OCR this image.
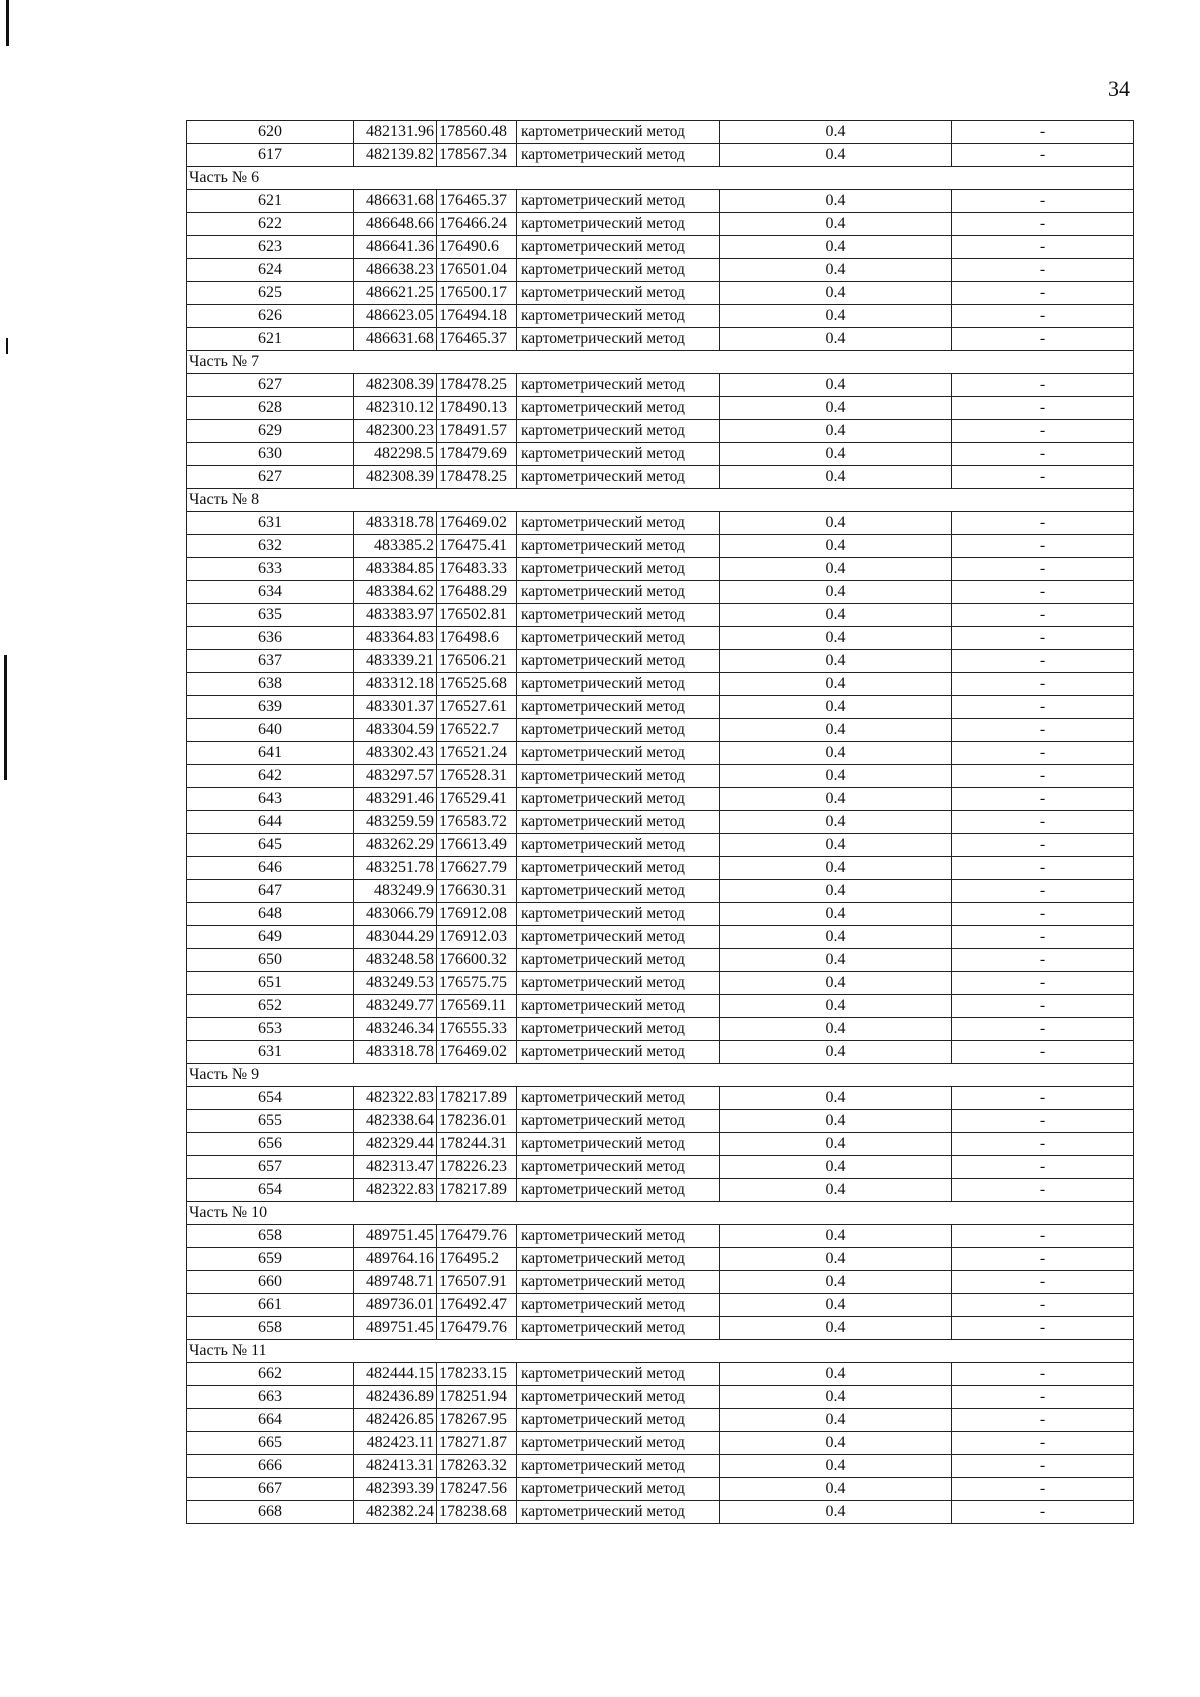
34
620	482131.96	178560.48	картометрический метод	0.4	-
617	482139.82	178567.34	картометрический метод	0.4	-
Часть № 6					
621	486631.68	176465.37	картометрический метод	0.4	-
622	486648.66	176466.24	картометрический метод	0.4	-
623	486641.36	176490.6	картометрический метод	0.4	-
624	486638.23	176501.04	картометрический метод	0.4	-
625	486621.25	176500.17	картометрический метод	0.4	-
626	486623.05	176494.18	картометрический метод	0.4	-
621	486631.68	176465.37	картометрический метод	0.4	-
Часть № 7					
627	482308.39	178478.25	картометрический метод	0.4	-
628	482310.12	178490.13	картометрический метод	0.4	-
629	482300.23	178491.57	картометрический метод	0.4	-
630	482298.5	178479.69	картометрический метод	0.4	-
627	482308.39	178478.25	картометрический метод	0.4	-
Часть № 8					
631	483318.78	176469.02	картометрический метод	0.4	-
632	483385.2	176475.41	картометрический метод	0.4	-
633	483384.85	176483.33	картометрический метод	0.4	-
634	483384.62	176488.29	картометрический метод	0.4	-
635	483383.97	176502.81	картометрический метод	0.4	-
636	483364.83	176498.6	картометрический метод	0.4	-
637	483339.21	176506.21	картометрический метод	0.4	-
638	483312.18	176525.68	картометрический метод	0.4	-
639	483301.37	176527.61	картометрический метод	0.4	-
640	483304.59	176522.7	картометрический метод	0.4	-
641	483302.43	176521.24	картометрический метод	0.4	-
642	483297.57	176528.31	картометрический метод	0.4	-
643	483291.46	176529.41	картометрический метод	0.4	-
644	483259.59	176583.72	картометрический метод	0.4	-
645	483262.29	176613.49	картометрический метод	0.4	-
646	483251.78	176627.79	картометрический метод	0.4	-
647	483249.9	176630.31	картометрический метод	0.4	-
648	483066.79	176912.08	картометрический метод	0.4	-
649	483044.29	176912.03	картометрический метод	0.4	-
650	483248.58	176600.32	картометрический метод	0.4	-
651	483249.53	176575.75	картометрический метод	0.4	-
652	483249.77	176569.11	картометрический метод	0.4	-
653	483246.34	176555.33	картометрический метод	0.4	-
631	483318.78	176469.02	картометрический метод	0.4	-
Часть № 9					
654	482322.83	178217.89	картометрический метод	0.4	-
655	482338.64	178236.01	картометрический метод	0.4	-
656	482329.44	178244.31	картометрический метод	0.4	-
657	482313.47	178226.23	картометрический метод	0.4	-
654	482322.83	178217.89	картометрический метод	0.4	-
Часть № 10					
658	489751.45	176479.76	картометрический метод	0.4	-
659	489764.16	176495.2	картометрический метод	0.4	-
660	489748.71	176507.91	картометрический метод	0.4	-
661	489736.01	176492.47	картометрический метод	0.4	-
658	489751.45	176479.76	картометрический метод	0.4	-
Часть № 11					
662	482444.15	178233.15	картометрический метод	0.4	-
663	482436.89	178251.94	картометрический метод	0.4	-
664	482426.85	178267.95	картометрический метод	0.4	-
665	482423.11	178271.87	картометрический метод	0.4	-
666	482413.31	178263.32	картометрический метод	0.4	-
667	482393.39	178247.56	картометрический метод	0.4	-
668	482382.24	178238.68	картометрический метод	0.4	-
